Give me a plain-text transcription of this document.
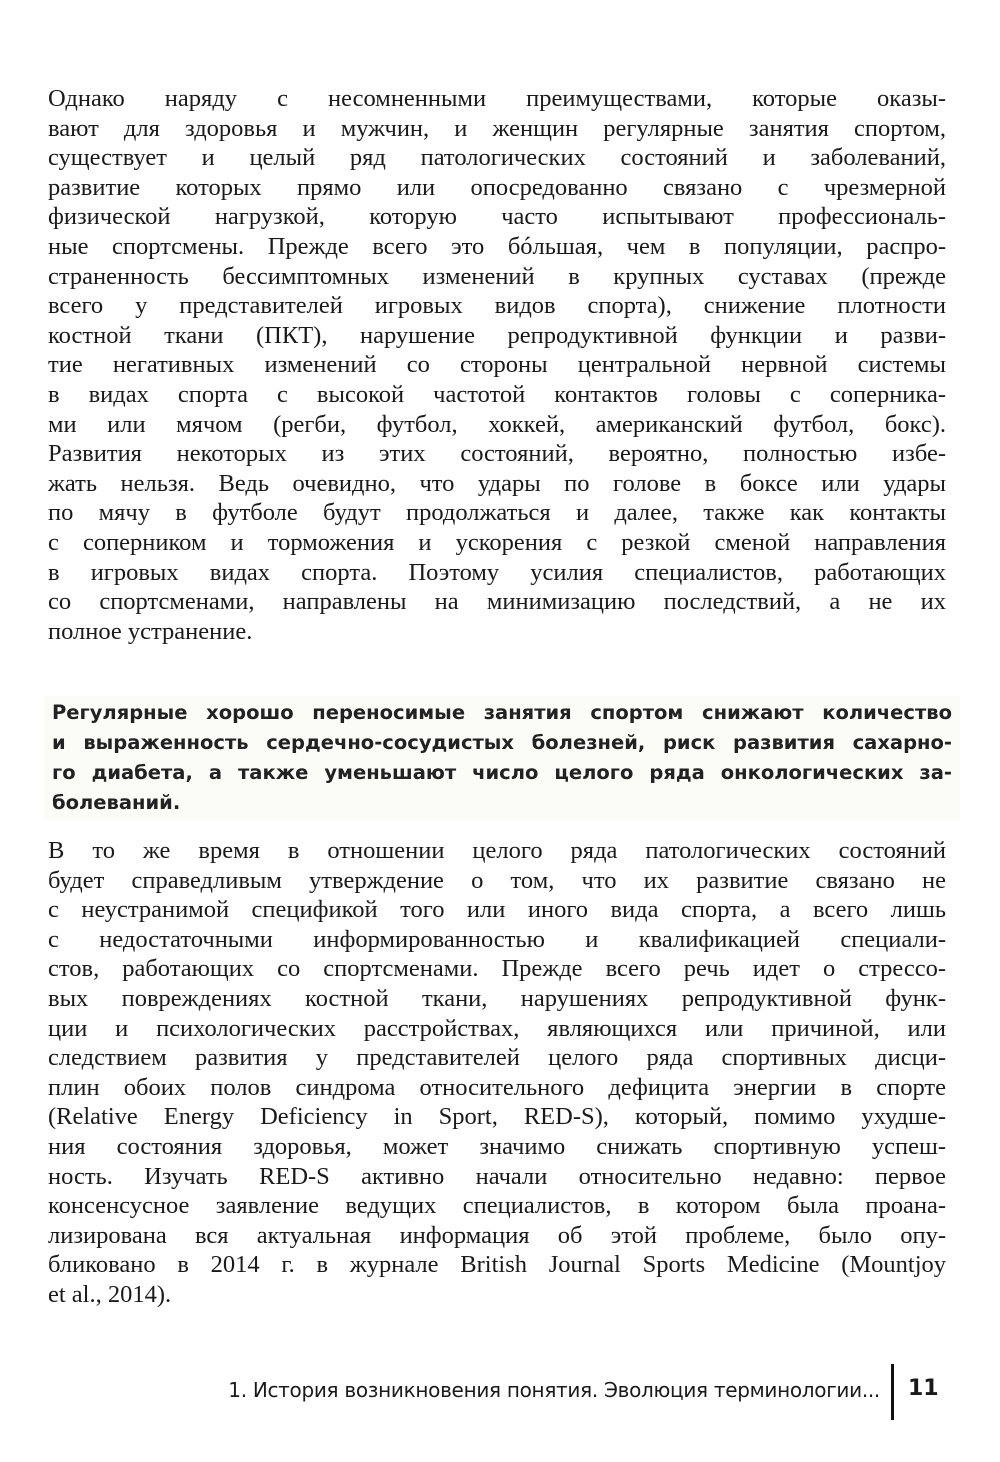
Однако наряду с несомненными преимуществами, которые оказы-
вают для здоровья и мужчин, и женщин регулярные занятия спортом,
существует и целый ряд патологических состояний и заболеваний,
развитие которых прямо или опосредованно связано с чрезмерной
физической нагрузкой, которую часто испытывают профессиональ-
ные спортсмены. Прежде всего это бóльшая, чем в популяции, распро-
страненность бессимптомных изменений в крупных суставах (прежде
всего у представителей игровых видов спорта), снижение плотности
костной ткани (ПКТ), нарушение репродуктивной функции и разви-
тие негативных изменений со стороны центральной нервной системы
в видах спорта с высокой частотой контактов головы с соперника-
ми или мячом (регби, футбол, хоккей, американский футбол, бокс).
Развития некоторых из этих состояний, вероятно, полностью избе-
жать нельзя. Ведь очевидно, что удары по голове в боксе или удары
по мячу в футболе будут продолжаться и далее, также как контакты
с соперником и торможения и ускорения с резкой сменой направления
в игровых видах спорта. Поэтому усилия специалистов, работающих
со спортсменами, направлены на минимизацию последствий, а не их
полное устранение.
Регулярные хорошо переносимые занятия спортом снижают количество
и выраженность сердечно-сосудистых болезней, риск развития сахарно-
го диабета, а также уменьшают число целого ряда онкологических за-
болеваний.
В то же время в отношении целого ряда патологических состояний
будет справедливым утверждение о том, что их развитие связано не
с неустранимой спецификой того или иного вида спорта, а всего лишь
с недостаточными информированностью и квалификацией специали-
стов, работающих со спортсменами. Прежде всего речь идет о стрессо-
вых повреждениях костной ткани, нарушениях репродуктивной функ-
ции и психологических расстройствах, являющихся или причиной, или
следствием развития у представителей целого ряда спортивных дисци-
плин обоих полов синдрома относительного дефицита энергии в спорте
(Relative Energy Deficiency in Sport, RED-S), который, помимо ухудше-
ния состояния здоровья, может значимо снижать спортивную успеш-
ность. Изучать RED-S активно начали относительно недавно: первое
консенсусное заявление ведущих специалистов, в котором была проана-
лизирована вся актуальная информация об этой проблеме, было опу-
бликовано в 2014 г. в журнале British Journal Sports Medicine (Mountjoy
et al., 2014).
1. История возникновения понятия. Эволюция терминологии... 11
